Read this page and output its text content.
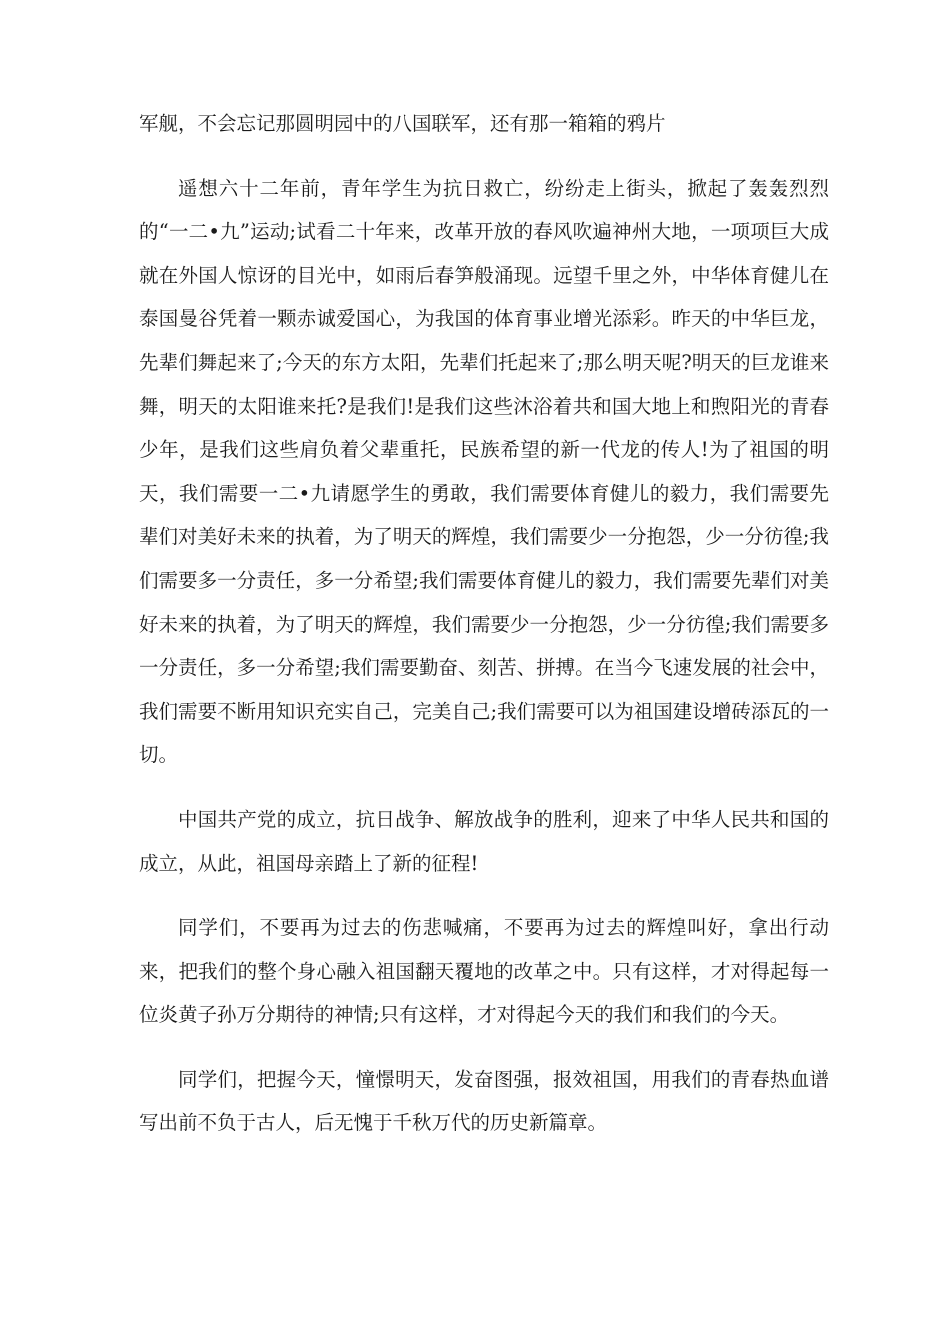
军舰，不会忘记那圆明园中的八国联军，还有那一箱箱的鸦片

遥想六十二年前，青年学生为抗日救亡，纷纷走上街头，掀起了轰轰烈烈的“一二•九”运动;试看二十年来，改革开放的春风吹遍神州大地，一项项巨大成就在外国人惊讶的目光中，如雨后春笋般涌现。远望千里之外，中华体育健儿在泰国曼谷凭着一颗赤诚爱国心，为我国的体育事业增光添彩。昨天的中华巨龙，先辈们舞起来了;今天的东方太阳，先辈们托起来了;那么明天呢?明天的巨龙谁来舞，明天的太阳谁来托?是我们!是我们这些沐浴着共和国大地上和煦阳光的青春少年，是我们这些肩负着父辈重托，民族希望的新一代龙的传人!为了祖国的明天，我们需要一二•九请愿学生的勇敢，我们需要体育健儿的毅力，我们需要先辈们对美好未来的执着，为了明天的辉煌，我们需要少一分抱怨，少一分彷徨;我们需要多一分责任，多一分希望;我们需要体育健儿的毅力，我们需要先辈们对美好未来的执着，为了明天的辉煌，我们需要少一分抱怨，少一分彷徨;我们需要多一分责任，多一分希望;我们需要勤奋、刻苦、拼搏。在当今飞速发展的社会中，我们需要不断用知识充实自己，完美自己;我们需要可以为祖国建设增砖添瓦的一切。

中国共产党的成立，抗日战争、解放战争的胜利，迎来了中华人民共和国的成立，从此，祖国母亲踏上了新的征程!

同学们，不要再为过去的伤悲喊痛，不要再为过去的辉煌叫好，拿出行动来，把我们的整个身心融入祖国翻天覆地的改革之中。只有这样，才对得起每一位炎黄子孙万分期待的神情;只有这样，才对得起今天的我们和我们的今天。

同学们，把握今天，憧憬明天，发奋图强，报效祖国，用我们的青春热血谱写出前不负于古人，后无愧于千秋万代的历史新篇章。
